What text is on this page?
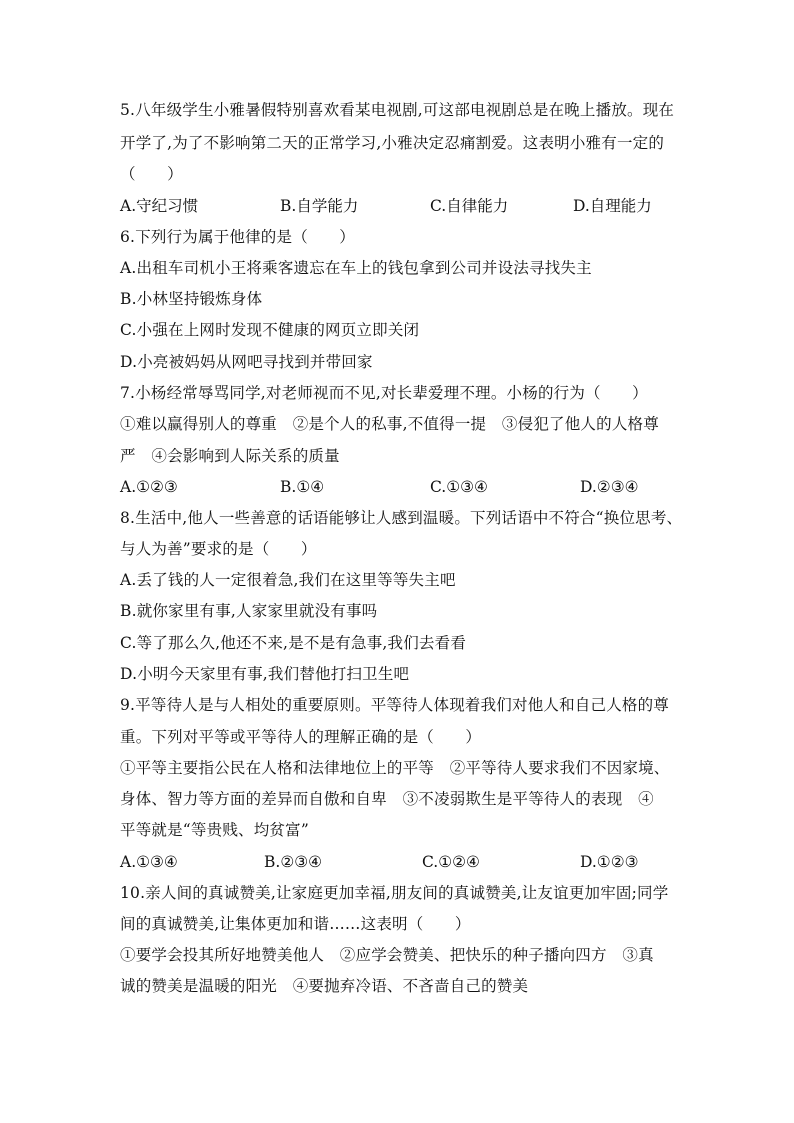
5.八年级学生小雅暑假特别喜欢看某电视剧,可这部电视剧总是在晚上播放。现在
开学了,为了不影响第二天的正常学习,小雅决定忍痛割爱。这表明小雅有一定的
（　　）
A.守纪习惯	B.自学能力	C.自律能力	D.自理能力
6.下列行为属于他律的是（　　）
A.出租车司机小王将乘客遗忘在车上的钱包拿到公司并设法寻找失主
B.小林坚持锻炼身体
C.小强在上网时发现不健康的网页立即关闭
D.小亮被妈妈从网吧寻找到并带回家
7.小杨经常辱骂同学,对老师视而不见,对长辈爱理不理。小杨的行为（　　）
①难以赢得别人的尊重　②是个人的私事,不值得一提　③侵犯了他人的人格尊
严　④会影响到人际关系的质量
A.①②③	B.①④	C.①③④	D.②③④
8.生活中,他人一些善意的话语能够让人感到温暖。下列话语中不符合“换位思考、
与人为善”要求的是（　　）
A.丢了钱的人一定很着急,我们在这里等等失主吧
B.就你家里有事,人家家里就没有事吗
C.等了那么久,他还不来,是不是有急事,我们去看看
D.小明今天家里有事,我们替他打扫卫生吧
9.平等待人是与人相处的重要原则。平等待人体现着我们对他人和自己人格的尊
重。下列对平等或平等待人的理解正确的是（　　）
①平等主要指公民在人格和法律地位上的平等　②平等待人要求我们不因家境、
身体、智力等方面的差异而自傲和自卑　③不凌弱欺生是平等待人的表现　④
平等就是“等贵贱、均贫富”
A.①③④	B.②③④	C.①②④	D.①②③
10.亲人间的真诚赞美,让家庭更加幸福,朋友间的真诚赞美,让友谊更加牢固;同学
间的真诚赞美,让集体更加和谐……这表明（　　）
①要学会投其所好地赞美他人　②应学会赞美、把快乐的种子播向四方　③真
诚的赞美是温暖的阳光　④要抛弃冷语、不吝啬自己的赞美
